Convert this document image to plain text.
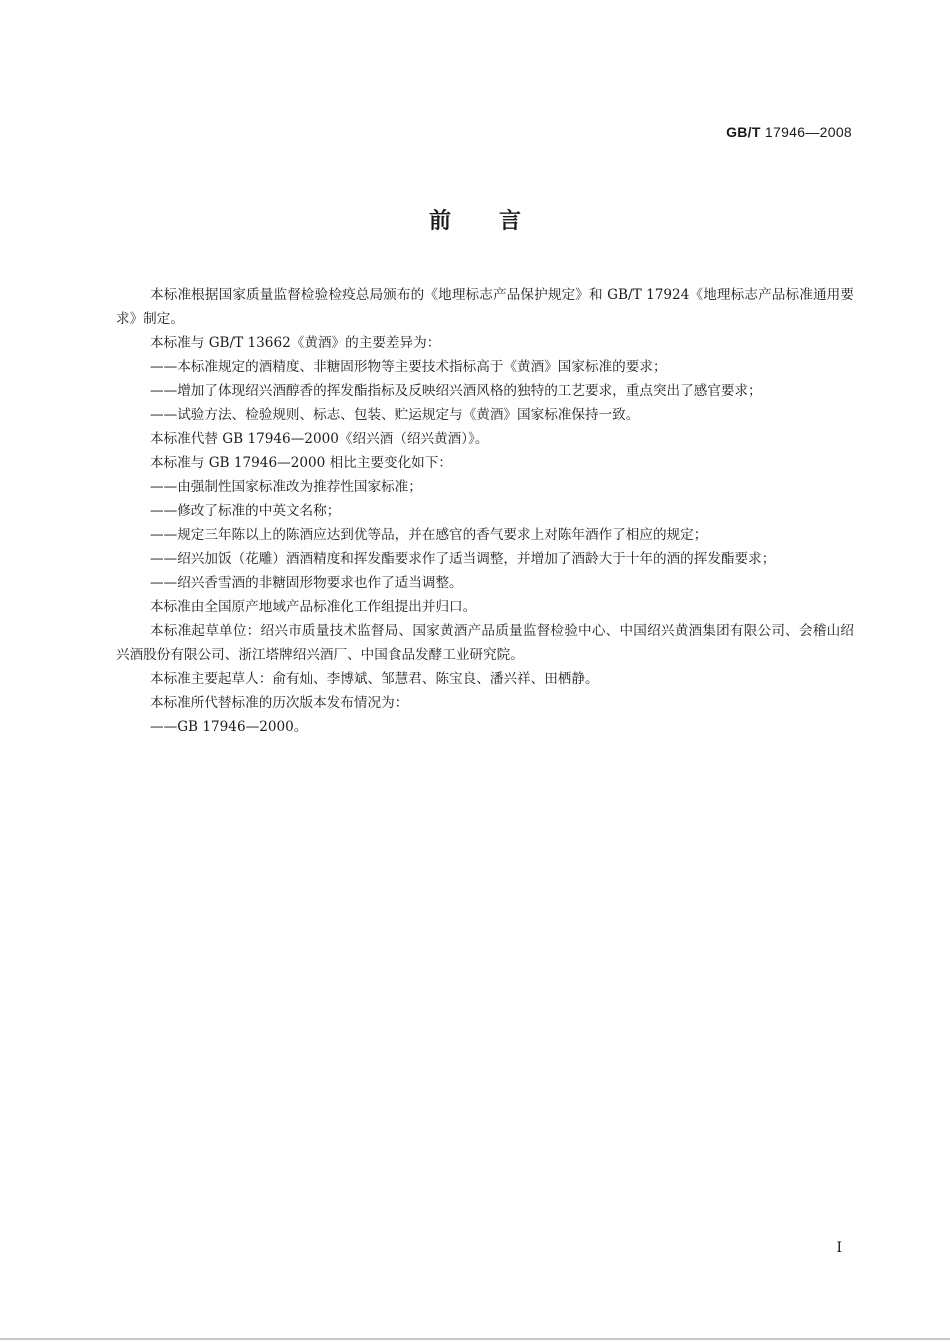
GB/T 17946—2008
前言

本标准根据国家质量监督检验检疫总局颁布的《地理标志产品保护规定》和 GB/T 17924《地理标志产品标准通用要求》制定。

本标准与 GB/T 13662《黄酒》的主要差异为：

——本标准规定的酒精度、非糖固形物等主要技术指标高于《黄酒》国家标准的要求；

——增加了体现绍兴酒醇香的挥发酯指标及反映绍兴酒风格的独特的工艺要求，重点突出了感官要求；

——试验方法、检验规则、标志、包装、贮运规定与《黄酒》国家标准保持一致。

本标准代替 GB 17946—2000《绍兴酒（绍兴黄酒）》。

本标准与 GB 17946—2000 相比主要变化如下：

——由强制性国家标准改为推荐性国家标准；

——修改了标准的中英文名称；

——规定三年陈以上的陈酒应达到优等品，并在感官的香气要求上对陈年酒作了相应的规定；

——绍兴加饭（花雕）酒酒精度和挥发酯要求作了适当调整，并增加了酒龄大于十年的酒的挥发酯要求；

——绍兴香雪酒的非糖固形物要求也作了适当调整。

本标准由全国原产地域产品标准化工作组提出并归口。

本标准起草单位：绍兴市质量技术监督局、国家黄酒产品质量监督检验中心、中国绍兴黄酒集团有限公司、会稽山绍兴酒股份有限公司、浙江塔牌绍兴酒厂、中国食品发酵工业研究院。

本标准主要起草人：俞有灿、李博斌、邹慧君、陈宝良、潘兴祥、田栖静。

本标准所代替标准的历次版本发布情况为：

——GB 17946—2000。

I
